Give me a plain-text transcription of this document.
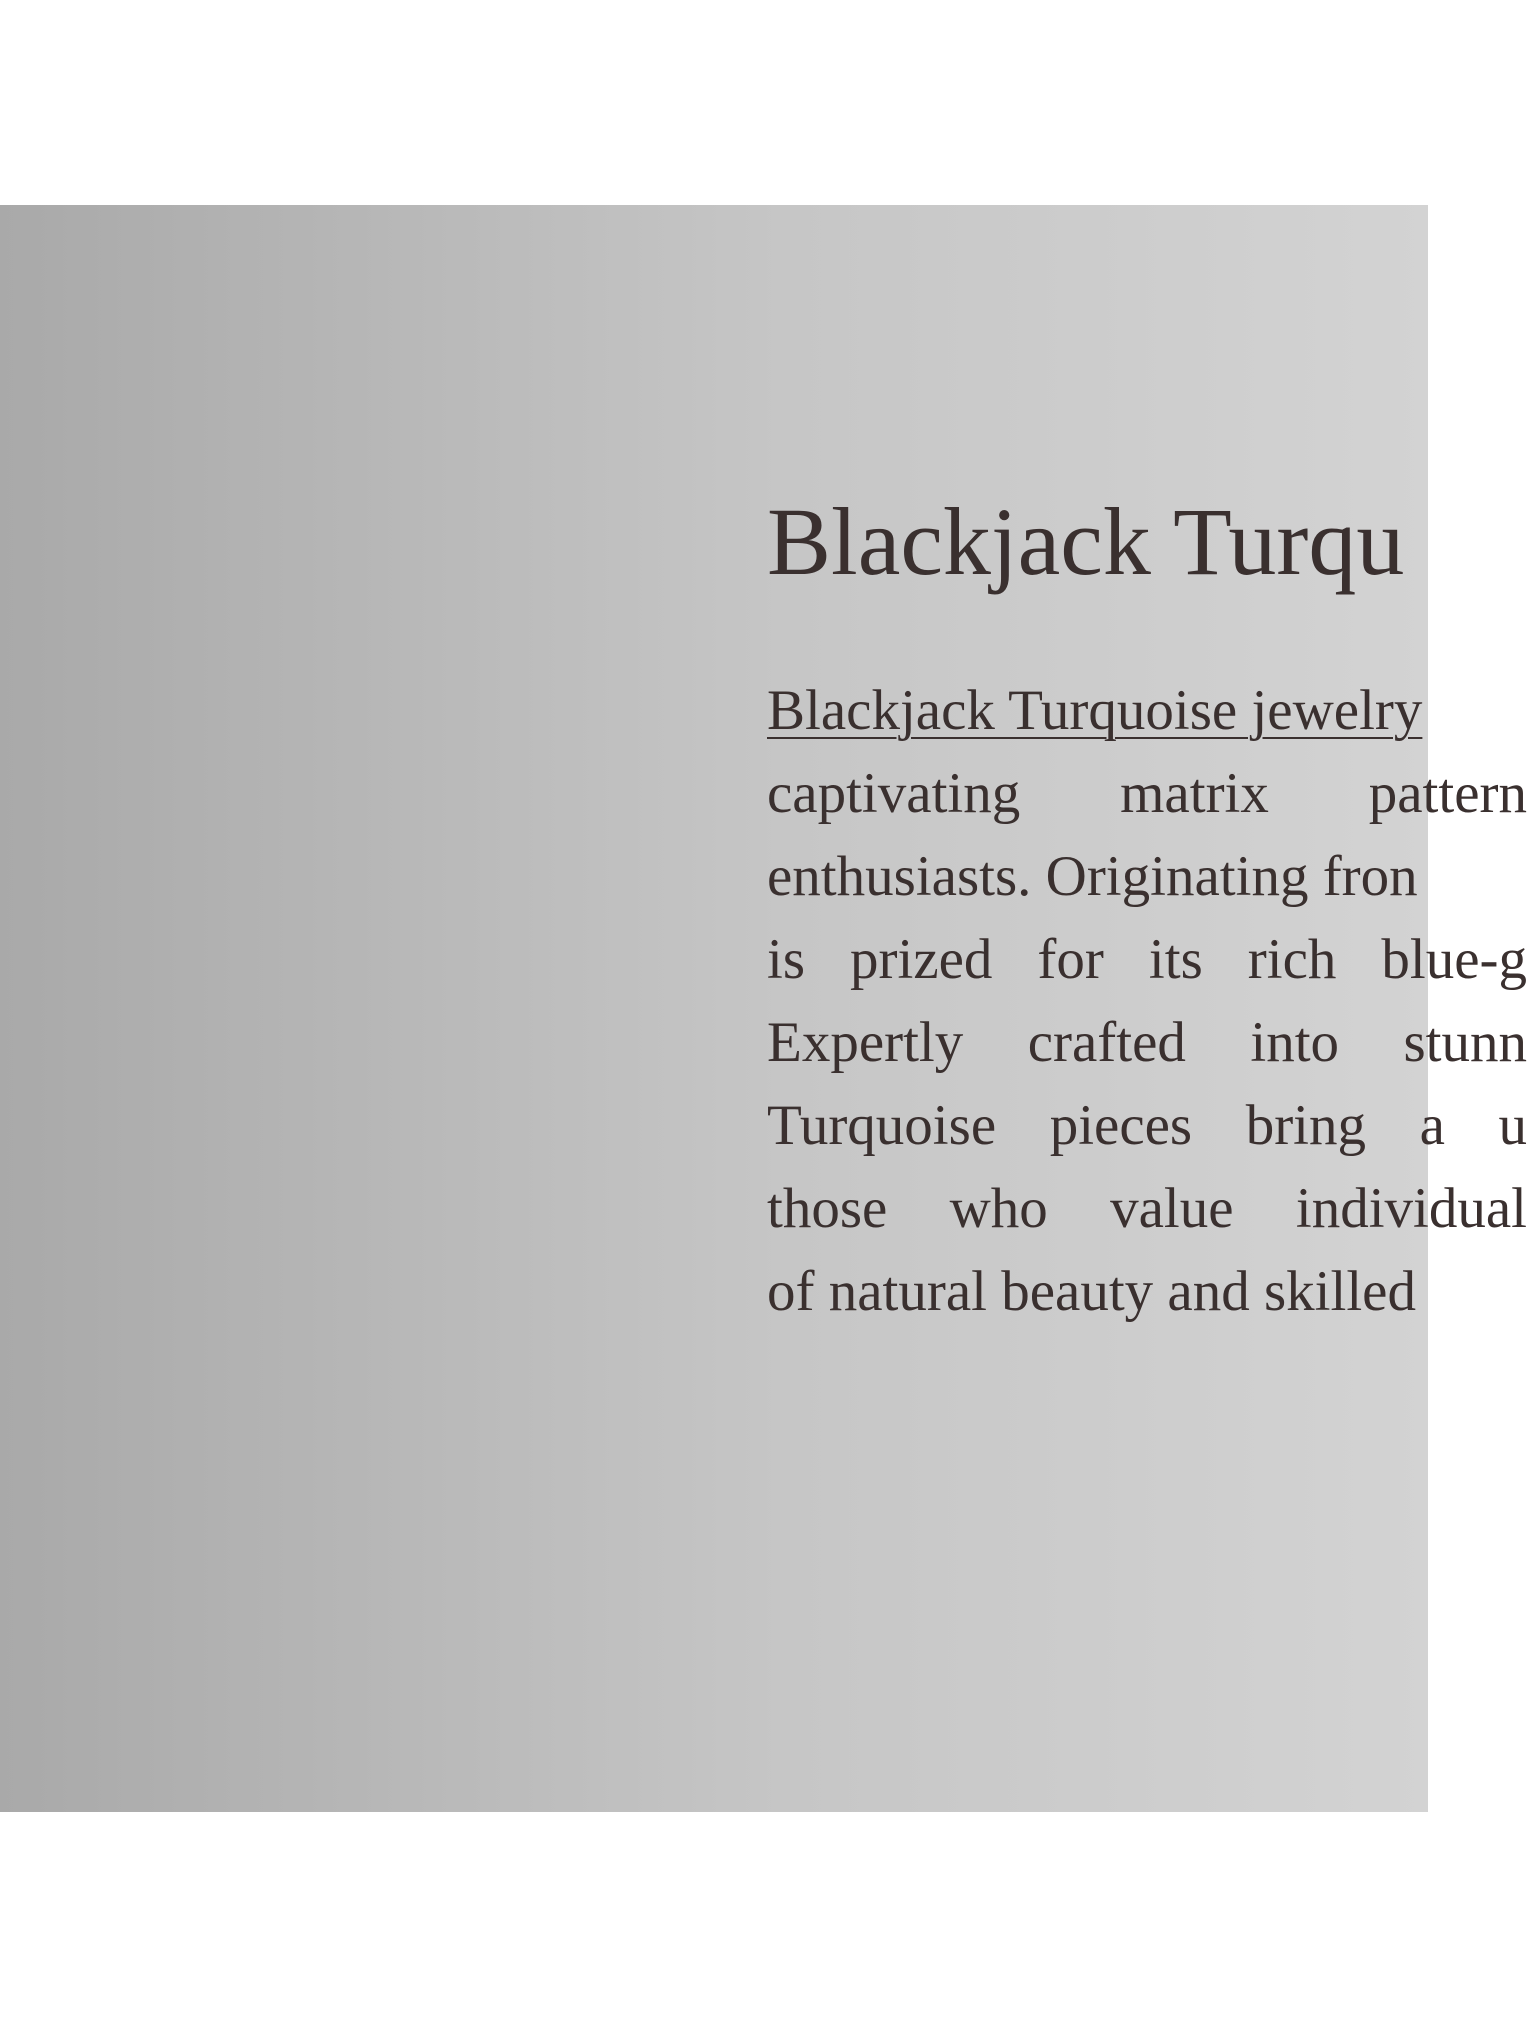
Blackjack Turqu
Blackjack Turquoise jewelry
captivating matrix pattern
enthusiasts. Originating fron
is prized for its rich blue-g
Expertly crafted into stunn
Turquoise pieces bring a u
those who value individual
of natural beauty and skilled
